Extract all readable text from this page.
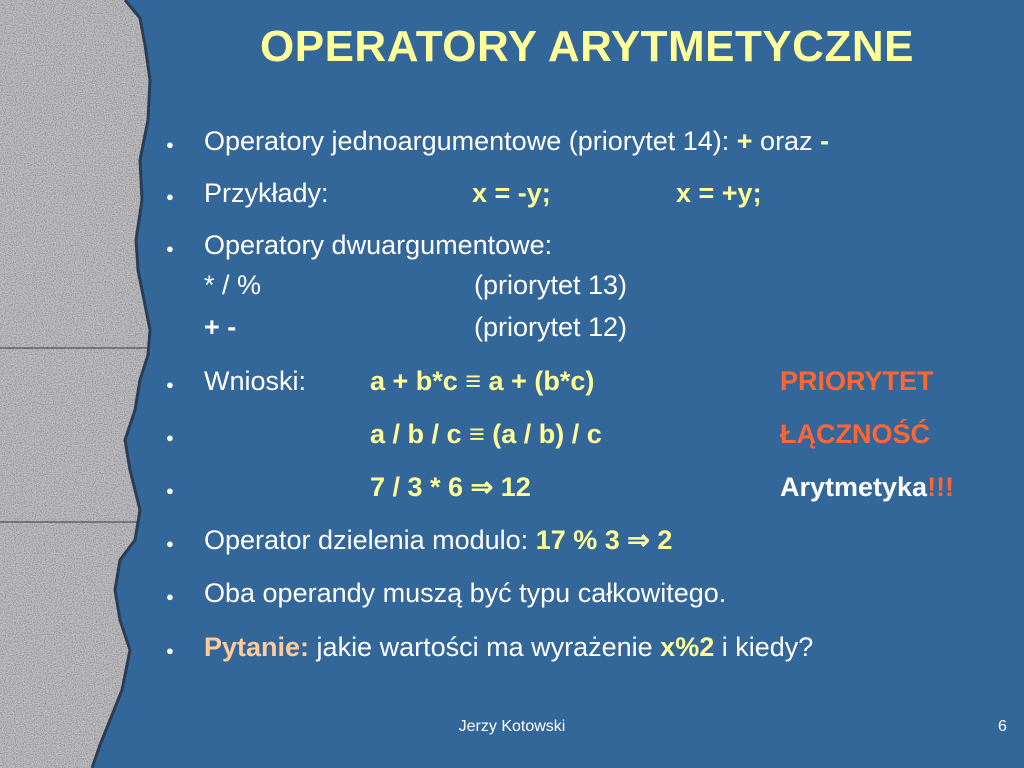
OPERATORY ARYTMETYCZNE
● Operatory jednoargumentowe (priorytet 14): + oraz -
● Przykłady:	x = -y;	x = +y;
● Operatory dwuargumentowe:
* / %	(priorytet 13)
+ -	(priorytet 12)
● Wnioski: a + b*c ≡ a + (b*c)	PRIORYTET
●	a / b / c ≡ (a / b) / c	ŁĄCZNOŚĆ
●	7 / 3 * 6 ⇒ 12	Arytmetyka!!!
● Operator dzielenia modulo: 17 % 3 ⇒ 2
● Oba operandy muszą być typu całkowitego.
● Pytanie: jakie wartości ma wyrażenie x%2 i kiedy?
Jerzy Kotowski	6
